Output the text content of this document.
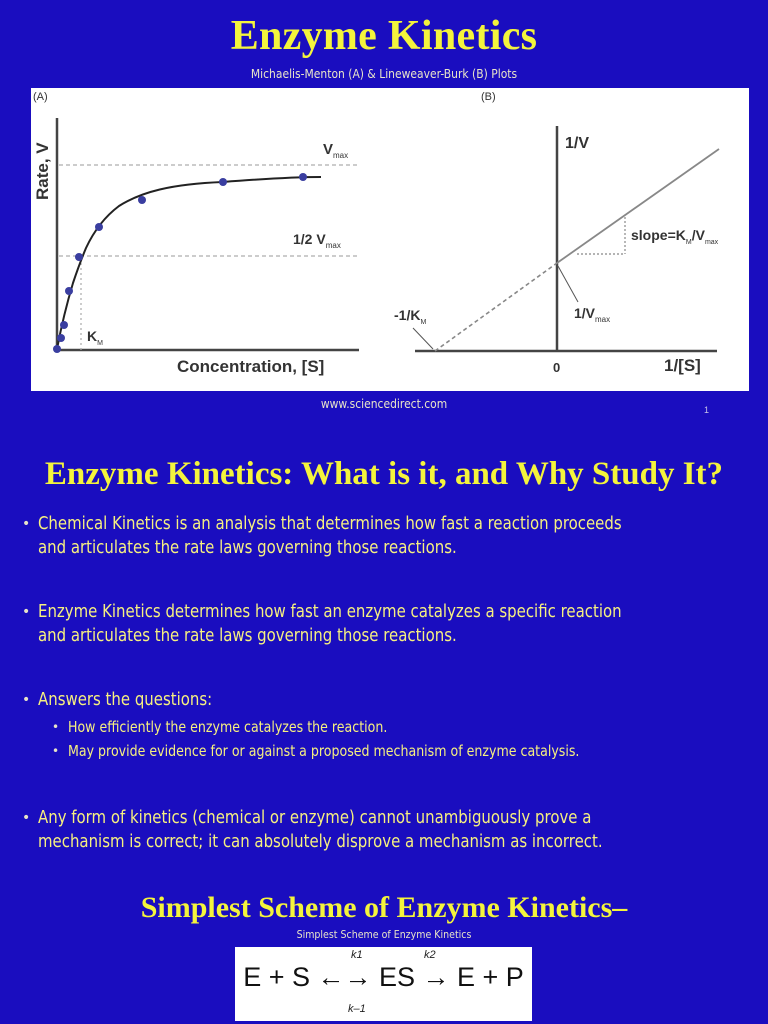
Enzyme Kinetics
Michaelis-Menton (A) & Lineweaver-Burk (B) Plots
(A)
$V_{max}$
1/2 $V_{max}$
$K_M$
Concentration, [S]
Rate, V
(B)
1/V
1/[S]
0
$1/V_{max}$
$-1/K_M$
$slope=K_M/V_{max}$
www.sciencedirect.com	1
Enzyme Kinetics: What is it, and Why Study It?
• Chemical Kinetics is an analysis that determines how fast a reaction proceeds
and articulates the rate laws governing those reactions.
• Enzyme Kinetics determines how fast an enzyme catalyzes a specific reaction
and articulates the rate laws governing those reactions.
• Answers the questions:
• How efficiently the enzyme catalyzes the reaction.
• May provide evidence for or against a proposed mechanism of enzyme catalysis.
• Any form of kinetics (chemical or enzyme) cannot unambiguously prove a
mechanism is correct; it can absolutely disprove a mechanism as incorrect.
Simplest Scheme of Enzyme Kinetics–
Simplest Scheme of Enzyme Kinetics
k1	k2
E + S ←→ ES → E + P
k–1
